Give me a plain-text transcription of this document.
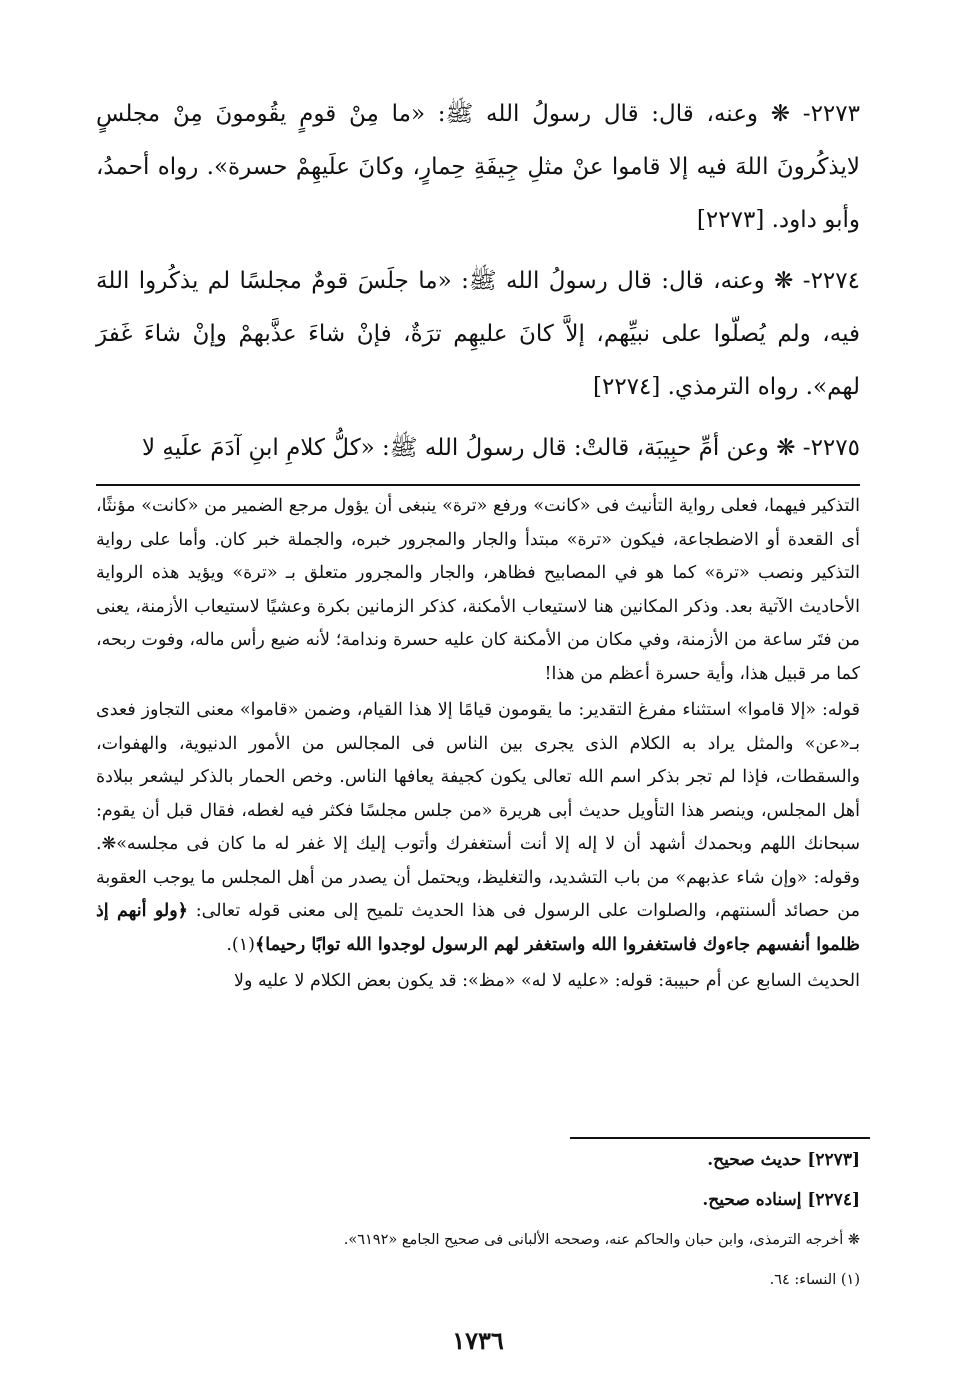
٢٢٧٣- ❋ وعنه، قال: قال رسولُ الله ﷺ: «ما مِنْ قومٍ يقُومونَ مِنْ مجلسٍ لايذكُرونَ اللهَ فيه إلا قاموا عنْ مثلِ جِيفَةِ حِمارٍ، وكانَ علَيهِمْ حسرة». رواه أحمدُ، وأبو داود. [٢٢٧٣]

٢٢٧٤- ❋ وعنه، قال: قال رسولُ الله ﷺ: «ما جلَسَ قومٌ مجلسًا لم يذكُروا اللهَ فيه، ولم يُصلّوا على نبيِّهم، إلاَّ كانَ عليهِم ترَةٌ، فإنْ شاءَ عذَّبهمْ وإنْ شاءَ غَفرَ لهم». رواه الترمذي. [٢٢٧٤]

٢٢٧٥- ❋ وعن أمِّ حبِيبَة، قالتْ: قال رسولُ الله ﷺ: «كلُّ كلامِ ابنِ آدَمَ علَيهِ لا

التذكير فيهما، فعلى رواية التأنيث فى «كانت» ورفع «ترة» ينبغى أن يؤول مرجع الضمير من «كانت» مؤنثًا، أى القعدة أو الاضطجاعة، فيكون «ترة» مبتدأ والجار والمجرور خبره، والجملة خبر كان. وأما على رواية التذكير ونصب «ترة» كما هو في المصابيح فظاهر، والجار والمجرور متعلق بـ «ترة» ويؤيد هذه الرواية الأحاديث الآتية بعد. وذكر المكانين هنا لاستيعاب الأمكنة، كذكر الزمانين بكرة وعشيًا لاستيعاب الأزمنة، يعنى من فتَر ساعة من الأزمنة، وفي مكان من الأمكنة كان عليه حسرة وندامة؛ لأنه ضيع رأس ماله، وفوت ربحه، كما مر قبيل هذا، وأية حسرة أعظم من هذا!

قوله: «إلا قاموا» استثناء مفرغ التقدير: ما يقومون قيامًا إلا هذا القيام، وضمن «قاموا» معنى التجاوز فعدى بـ«عن» والمثل يراد به الكلام الذى يجرى بين الناس فى المجالس من الأمور الدنيوية، والهفوات، والسقطات، فإذا لم تجر بذكر اسم الله تعالى يكون كجيفة يعافها الناس. وخص الحمار بالذكر ليشعر ببلادة أهل المجلس، وينصر هذا التأويل حديث أبى هريرة «من جلس مجلسًا فكثر فيه لغطه، فقال قبل أن يقوم: سبحانك اللهم وبحمدك أشهد أن لا إله إلا أنت أستغفرك وأتوب إليك إلا غفر له ما كان فى مجلسه»❋. وقوله: «وإن شاء عذبهم» من باب التشديد، والتغليظ، ويحتمل أن يصدر من أهل المجلس ما يوجب العقوبة من حصائد ألسنتهم، والصلوات على الرسول فى هذا الحديث تلميح إلى معنى قوله تعالى: ﴿ولو أنهم إذ ظلموا أنفسهم جاءوك فاستغفروا الله واستغفر لهم الرسول لوجدوا الله توابًا رحيما﴾(١).

الحديث السابع عن أم حبيبة: قوله: «عليه لا له» «مظ»: قد يكون بعض الكلام لا عليه ولا

[٢٢٧٣] حديث صحيح.

[٢٢٧٤] إسناده صحيح.

❋ أخرجه الترمذى، وابن حبان والحاكم عنه، وصححه الألبانى فى صحيح الجامع «٦١٩٢».

(١) النساء: ٦٤.

١٧٣٦
